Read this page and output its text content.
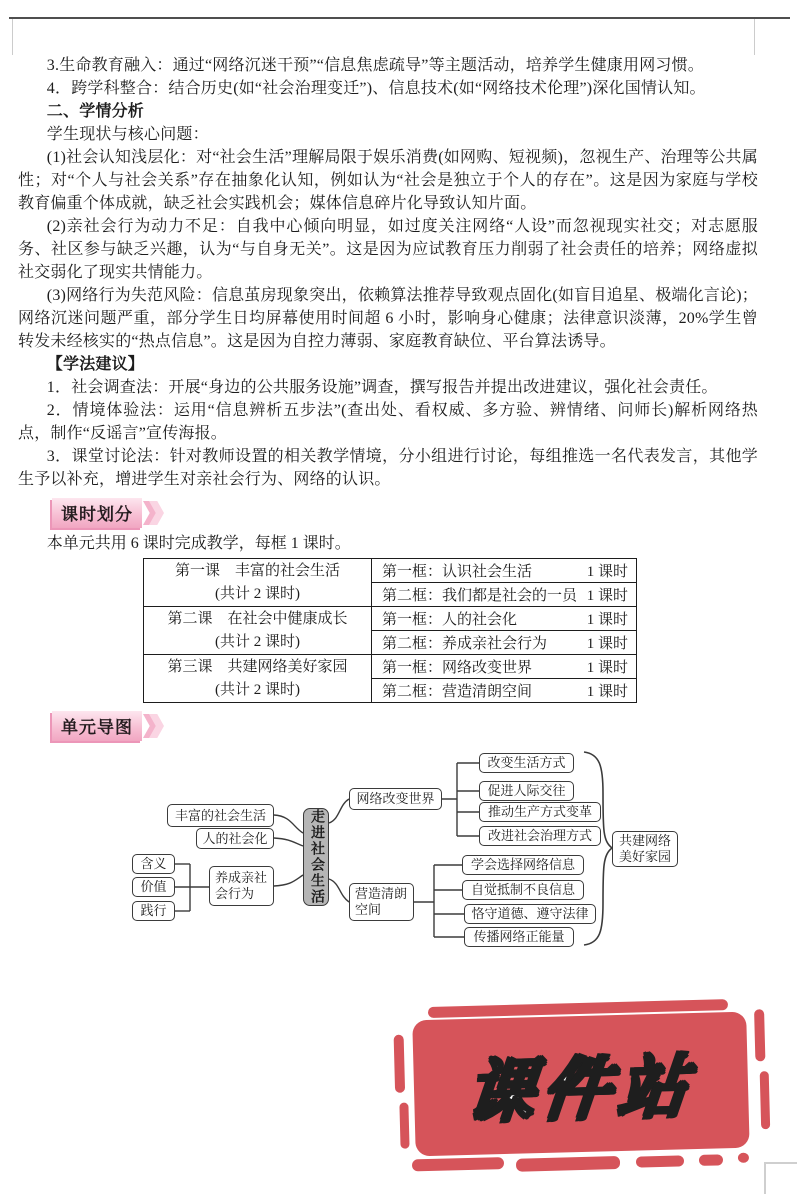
3.生命教育融入：通过“网络沉迷干预”“信息焦虑疏导”等主题活动，培养学生健康用网习惯。

4．跨学科整合：结合历史(如“社会治理变迁”)、信息技术(如“网络技术伦理”)深化国情认知。

二、学情分析

学生现状与核心问题：

(1)社会认知浅层化：对“社会生活”理解局限于娱乐消费(如网购、短视频)，忽视生产、治理等公共属性；对“个人与社会关系”存在抽象化认知，例如认为“社会是独立于个人的存在”。这是因为家庭与学校教育偏重个体成就，缺乏社会实践机会；媒体信息碎片化导致认知片面。

(2)亲社会行为动力不足：自我中心倾向明显，如过度关注网络“人设”而忽视现实社交；对志愿服务、社区参与缺乏兴趣，认为“与自身无关”。这是因为应试教育压力削弱了社会责任的培养；网络虚拟社交弱化了现实共情能力。

(3)网络行为失范风险：信息茧房现象突出，依赖算法推荐导致观点固化(如盲目追星、极端化言论)；网络沉迷问题严重，部分学生日均屏幕使用时间超 6 小时，影响身心健康；法律意识淡薄，20%学生曾转发未经核实的“热点信息”。这是因为自控力薄弱、家庭教育缺位、平台算法诱导。

【学法建议】

1．社会调查法：开展“身边的公共服务设施”调查，撰写报告并提出改进建议，强化社会责任。

2．情境体验法：运用“信息辨析五步法”(查出处、看权威、多方验、辨情绪、问师长)解析网络热点，制作“反谣言”宣传海报。

3．课堂讨论法：针对教师设置的相关教学情境，分小组进行讨论，每组推选一名代表发言，其他学生予以补充，增进学生对亲社会行为、网络的认识。

课时划分
本单元共用 6 课时完成教学，每框 1 课时。
第一课　丰富的社会生活
(共计 2 课时)

第一框：认识社会生活	1 课时

	第二框：我们都是社会的一员 1 课时

第二课　在社会中健康成长
(共计 2 课时)

第一框：人的社会化	1 课时

	第二框：养成亲社会行为 1 课时

第三课　共建网络美好家园
(共计 2 课时)

第一框：网络改变世界	1 课时

	第二框：营造清朗空间 1 课时
单元导图
丰富的社会生活
人的社会化
含义
价值
践行
养成亲社会行为	走进社会生活
网络改变世界
营造清朗空间
改变生活方式
促进人际交往
推动生产方式变革
改进社会治理方式
学会选择网络信息
自觉抵制不良信息
恪守道德、遵守法律
传播网络正能量
共建网络美好家园
课件站
